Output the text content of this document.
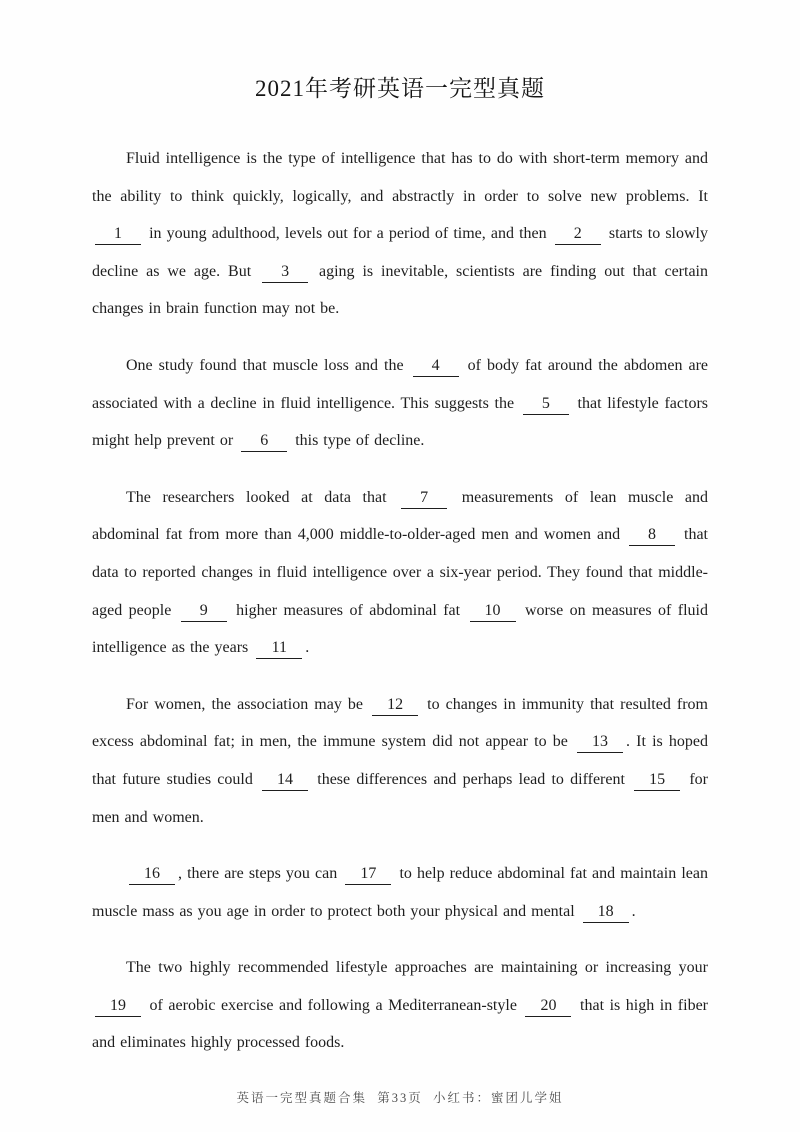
2021年考研英语一完型真题

Fluid intelligence is the type of intelligence that has to do with short-term memory and the ability to think quickly, logically, and abstractly in order to solve new problems. It 1 in young adulthood, levels out for a period of time, and then 2 starts to slowly decline as we age. But 3 aging is inevitable, scientists are finding out that certain changes in brain function may not be.

One study found that muscle loss and the 4 of body fat around the abdomen are associated with a decline in fluid intelligence. This suggests the 5 that lifestyle factors might help prevent or 6 this type of decline.

The researchers looked at data that 7 measurements of lean muscle and abdominal fat from more than 4,000 middle-to-older-aged men and women and 8 that data to reported changes in fluid intelligence over a six-year period. They found that middle-aged people 9 higher measures of abdominal fat 10 worse on measures of fluid intelligence as the years 11 .

For women, the association may be 12 to changes in immunity that resulted from excess abdominal fat; in men, the immune system did not appear to be 13 . It is hoped that future studies could 14 these differences and perhaps lead to different 15 for men and women.

16 , there are steps you can 17 to help reduce abdominal fat and maintain lean muscle mass as you age in order to protect both your physical and mental 18 .

The two highly recommended lifestyle approaches are maintaining or increasing your 19 of aerobic exercise and following a Mediterranean-style 20 that is high in fiber and eliminates highly processed foods.

英语一完型真题合集  第33页  小红书：蜜团儿学姐
